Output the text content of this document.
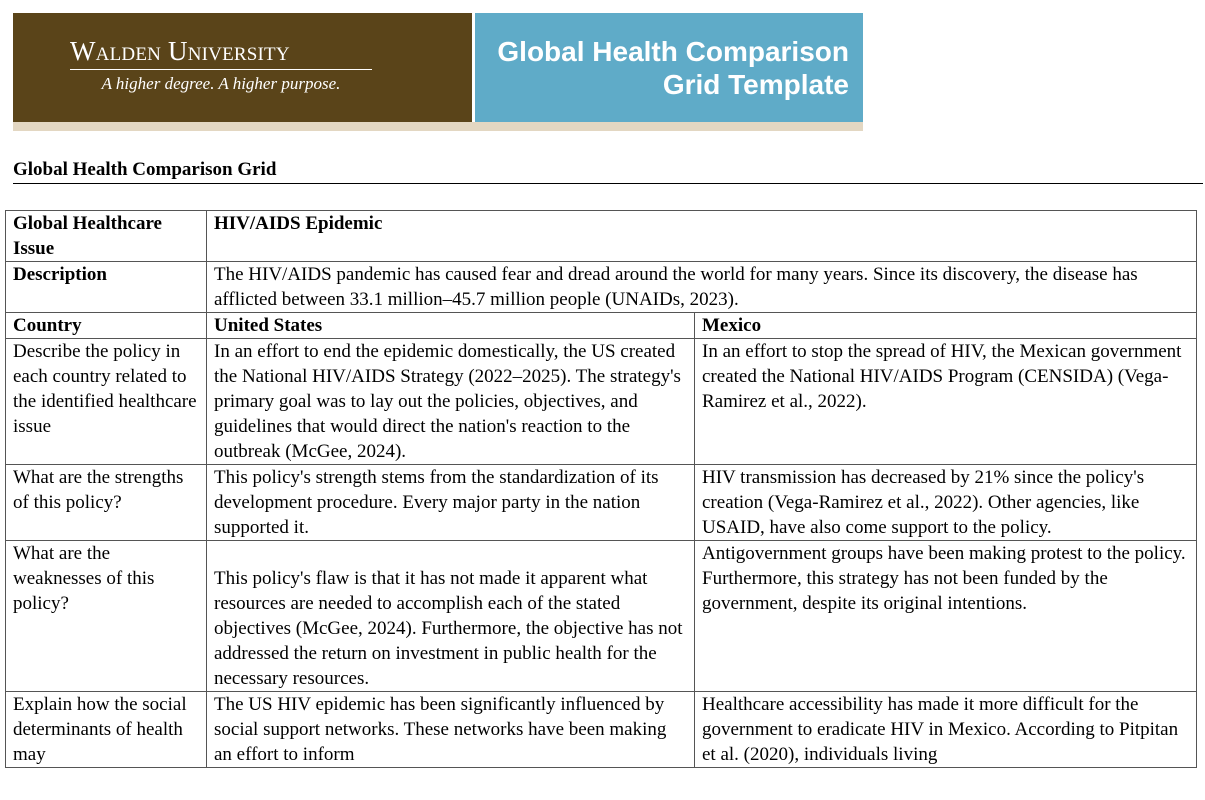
Walden University
A higher degree. A higher purpose.
Global Health Comparison
Grid Template
Global Health Comparison Grid
Global Healthcare Issue	HIV/AIDS Epidemic	
Description	The HIV/AIDS pandemic has caused fear and dread around the world for many years. Since its discovery, the disease has afflicted between 33.1 million–45.7 million people (UNAIDs, 2023).	
Country	United States	Mexico
Describe the policy in each country related to the identified healthcare issue	In an effort to end the epidemic domestically, the US created the National HIV/AIDS Strategy (2022–2025). The strategy's primary goal was to lay out the policies, objectives, and guidelines that would direct the nation's reaction to the outbreak (McGee, 2024).	In an effort to stop the spread of HIV, the Mexican government created the National HIV/AIDS Program (CENSIDA) (Vega-Ramirez et al., 2022).
What are the strengths of this policy?	This policy's strength stems from the standardization of its development procedure. Every major party in the nation supported it.	HIV transmission has decreased by 21% since the policy's creation (Vega-Ramirez et al., 2022). Other agencies, like USAID, have also come support to the policy.
What are the weaknesses of this policy?	This policy's flaw is that it has not made it apparent what resources are needed to accomplish each of the stated objectives (McGee, 2024). Furthermore, the objective has not addressed the return on investment in public health for the necessary resources.	Antigovernment groups have been making protest to the policy. Furthermore, this strategy has not been funded by the government, despite its original intentions.
Explain how the social determinants of health may	The US HIV epidemic has been significantly influenced by social support networks. These networks have been making an effort to inform	Healthcare accessibility has made it more difficult for the government to eradicate HIV in Mexico. According to Pitpitan et al. (2020), individuals living
